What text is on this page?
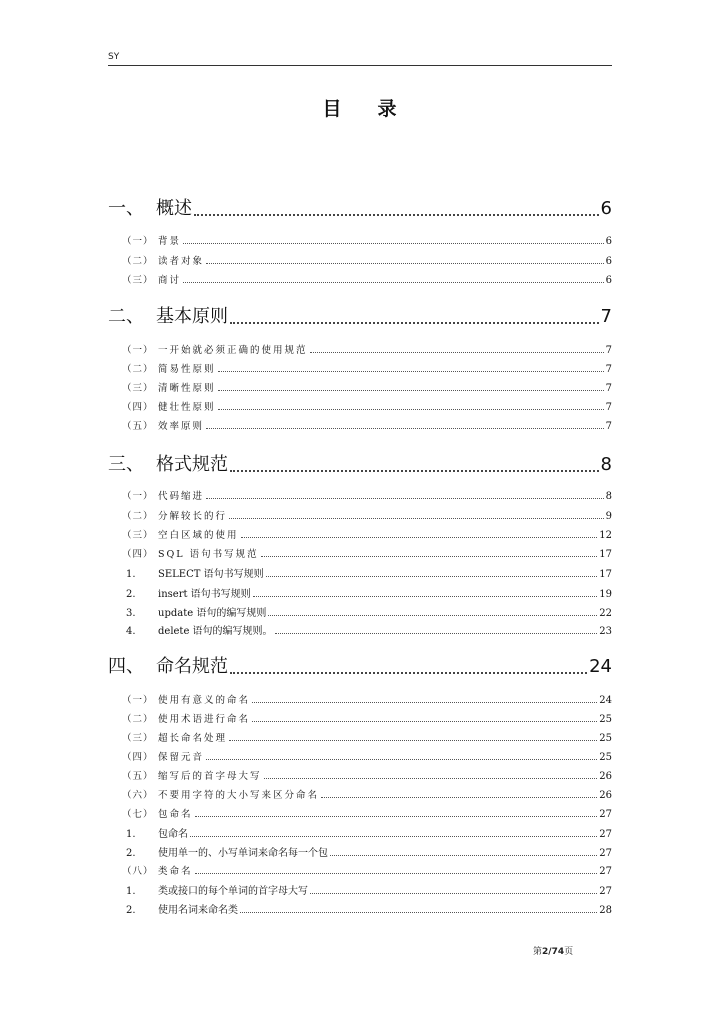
SY
目录
一、 概述	6
（一） 背景	6
（二） 读者对象	6
（三） 商讨	6
二、 基本原则	7
（一） 一开始就必须正确的使用规范	7
（二） 简易性原则	7
（三） 清晰性原则	7
（四） 健壮性原则	7
（五） 效率原则	7
三、 格式规范	8
（一） 代码缩进	8
（二） 分解较长的行	9
（三） 空白区域的使用	12
（四） SQL 语句书写规范	17
1.	SELECT 语句书写规则	17
2.	insert 语句书写规则	19
3.	update 语句的编写规则	22
4.	delete 语句的编写规则。	23
四、 命名规范	24
（一） 使用有意义的命名	24
（二） 使用术语进行命名	25
（三） 超长命名处理	25
（四） 保留元音	25
（五） 缩写后的首字母大写	26
（六） 不要用字符的大小写来区分命名	26
（七） 包命名	27
1.	包命名	27
2.	使用单一的、小写单词来命名每一个包	27
（八） 类命名	27
1.	类或接口的每个单词的首字母大写	27
2.	使用名词来命名类	28
第2/74页
